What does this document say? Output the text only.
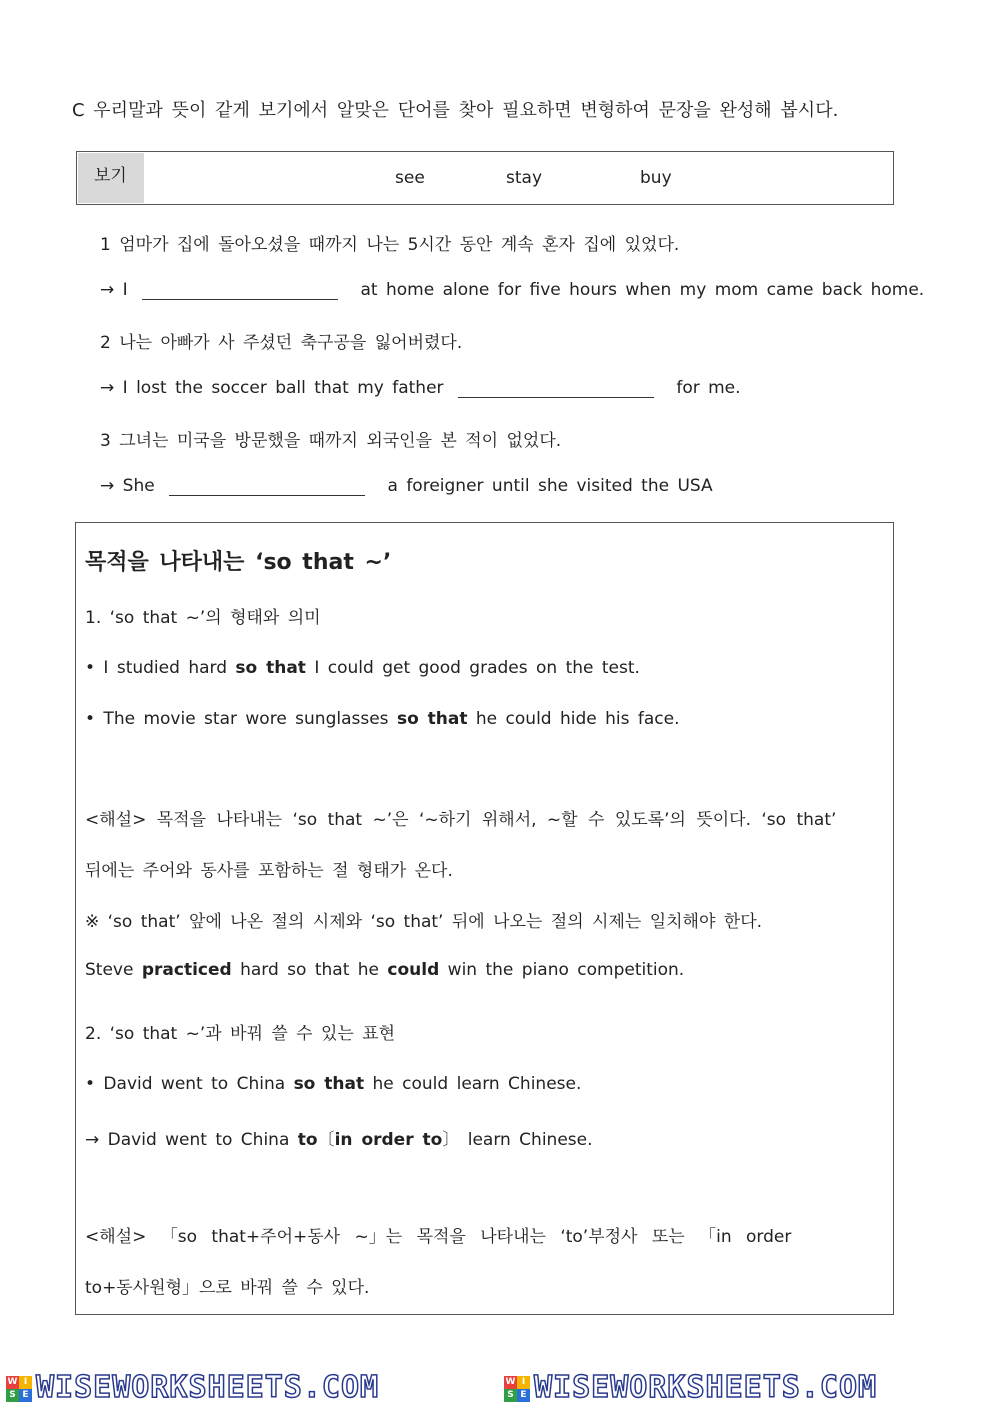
C 우리말과 뜻이 같게 보기에서 알맞은 단어를 찾아 필요하면 변형하여 문장을 완성해 봅시다.
보기	see	stay	buy
1 엄마가 집에 돌아오셨을 때까지 나는 5시간 동안 계속 혼자 집에 있었다.
→ I	at home alone for five hours when my mom came back home.
2 나는 아빠가 사 주셨던 축구공을 잃어버렸다.
→ I lost the soccer ball that my father	for me.
3 그녀는 미국을 방문했을 때까지 외국인을 본 적이 없었다.
→ She	a foreigner until she visited the USA
목적을 나타내는 ‘so that ~’
1. ‘so that ~’의 형태와 의미
• I studied hard so that I could get good grades on the test.
• The movie star wore sunglasses so that he could hide his face.
<해설> 목적을 나타내는 ‘so that ~’은 ‘~하기 위해서, ~할 수 있도록’의 뜻이다. ‘so that’
뒤에는 주어와 동사를 포함하는 절 형태가 온다.
※ ‘so that’ 앞에 나온 절의 시제와 ‘so that’ 뒤에 나오는 절의 시제는 일치해야 한다.
Steve practiced hard so that he could win the piano competition.
2. ‘so that ~’과 바꿔 쓸 수 있는 표현
• David went to China so that he could learn Chinese.
→ David went to China to〔in order to〕 learn Chinese.
<해설> 「so that+주어+동사 ~」는 목적을 나타내는 ‘to’부정사 또는 「in order
to+동사원형」으로 바꿔 쓸 수 있다.
W I
S E WISEWORKSHEETS.COM	W I
S E WISEWORKSHEETS.COM
